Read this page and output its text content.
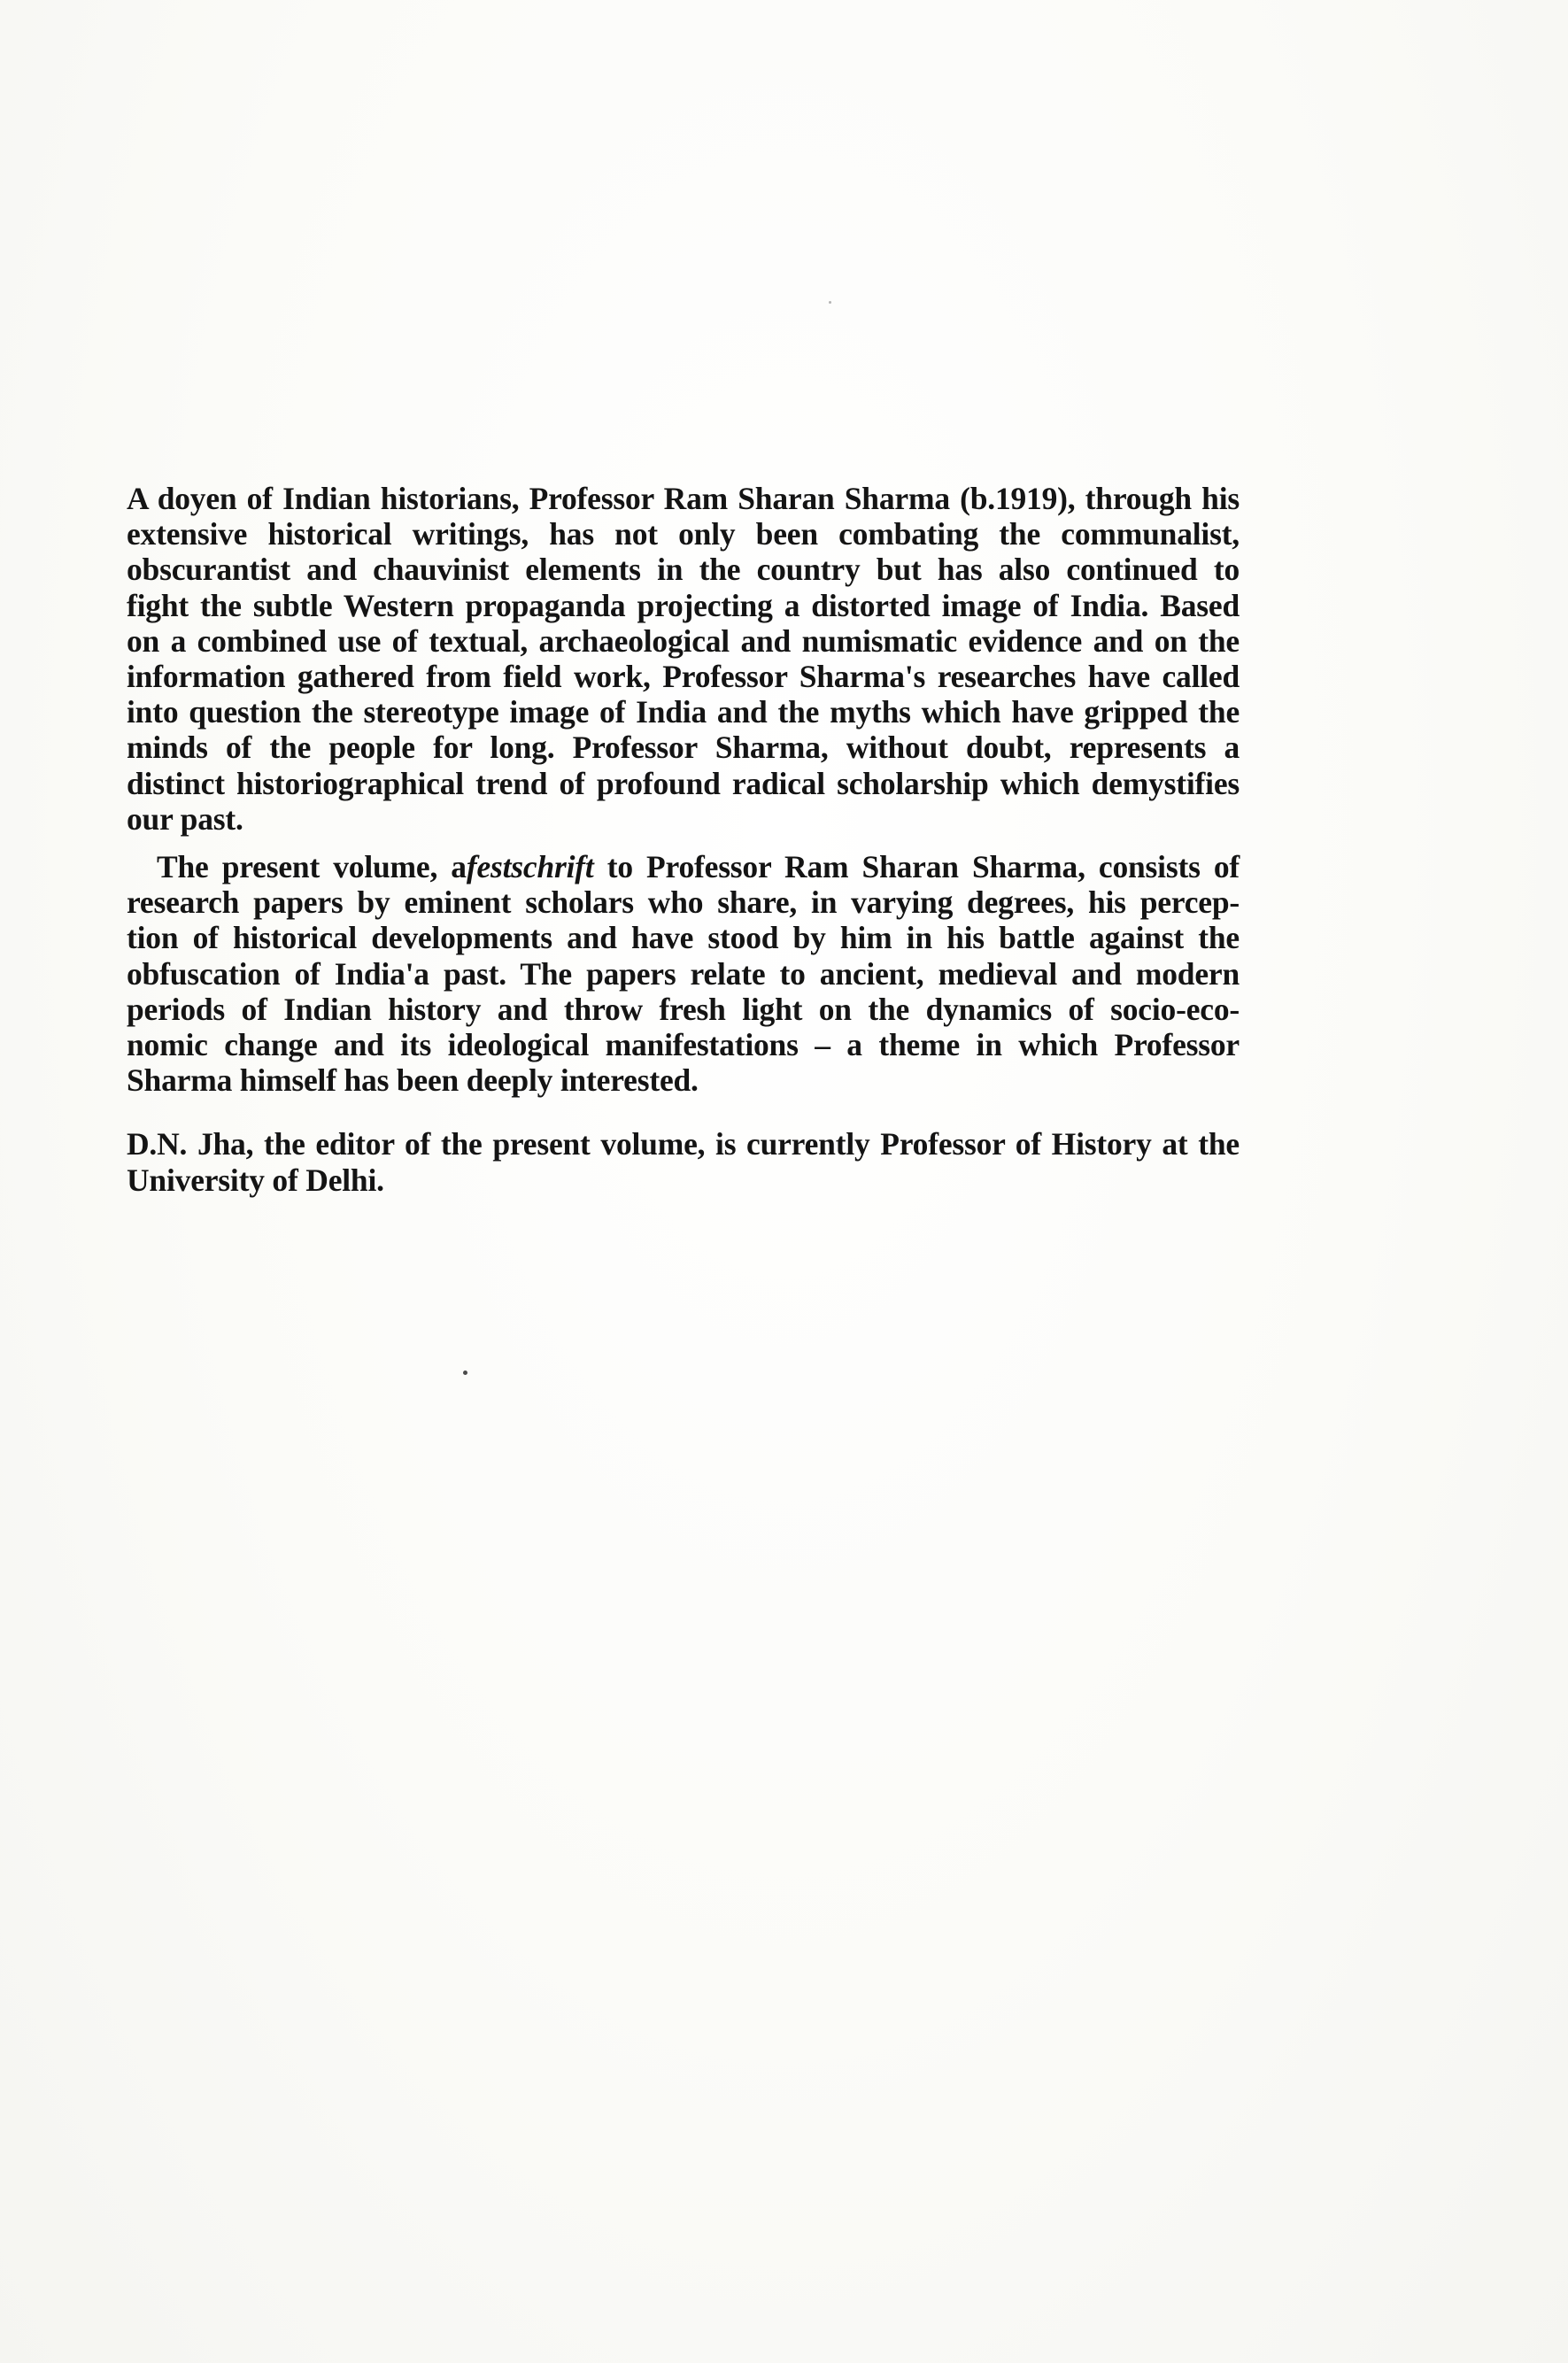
A doyen of Indian historians, Professor Ram Sharan Sharma (b.1919), through his
extensive historical writings, has not only been combating the communalist,
obscurantist and chauvinist elements in the country but has also continued to
fight the subtle Western propaganda projecting a distorted image of India. Based
on a combined use of textual, archaeological and numismatic evidence and on the
information gathered from field work, Professor Sharma's researches have called
into question the stereotype image of India and the myths which have gripped the
minds of the people for long. Professor Sharma, without doubt, represents a
distinct historiographical trend of profound radical scholarship which demystifies
our past.

The present volume, afestschrift to Professor Ram Sharan Sharma, consists of
research papers by eminent scholars who share, in varying degrees, his percep-
tion of historical developments and have stood by him in his battle against the
obfuscation of India'a past. The papers relate to ancient, medieval and modern
periods of Indian history and throw fresh light on the dynamics of socio-eco-
nomic change and its ideological manifestations – a theme in which Professor
Sharma himself has been deeply interested.

D.N. Jha, the editor of the present volume, is currently Professor of History at the
University of Delhi.
